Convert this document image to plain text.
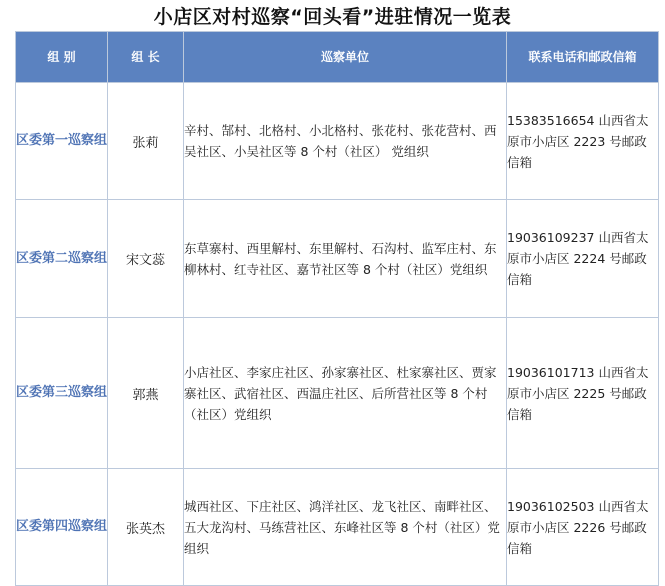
小店区对村巡察“回头看”进驻情况一览表
组 别	组 长	巡察单位	联系电话和邮政信箱
区委第一巡察组	张莉	辛村、郜村、北格村、小北格村、张花村、张花营村、西吴社区、小吴社区等 8 个村（社区） 党组织	15383516654 山西省太原市小店区 2223 号邮政信箱
区委第二巡察组	宋文蕊	东草寨村、西里解村、东里解村、石沟村、监军庄村、东柳林村、红寺社区、嘉节社区等 8 个村（社区）党组织	19036109237 山西省太原市小店区 2224 号邮政信箱
区委第三巡察组	郭燕	小店社区、李家庄社区、孙家寨社区、杜家寨社区、贾家寨社区、武宿社区、西温庄社区、后所营社区等 8 个村（社区）党组织	19036101713 山西省太原市小店区 2225 号邮政信箱
区委第四巡察组	张英杰	城西社区、下庄社区、鸿洋社区、龙飞社区、南畔社区、五大龙沟村、马练营社区、东峰社区等 8 个村（社区）党组织	19036102503 山西省太原市小店区 2226 号邮政信箱
